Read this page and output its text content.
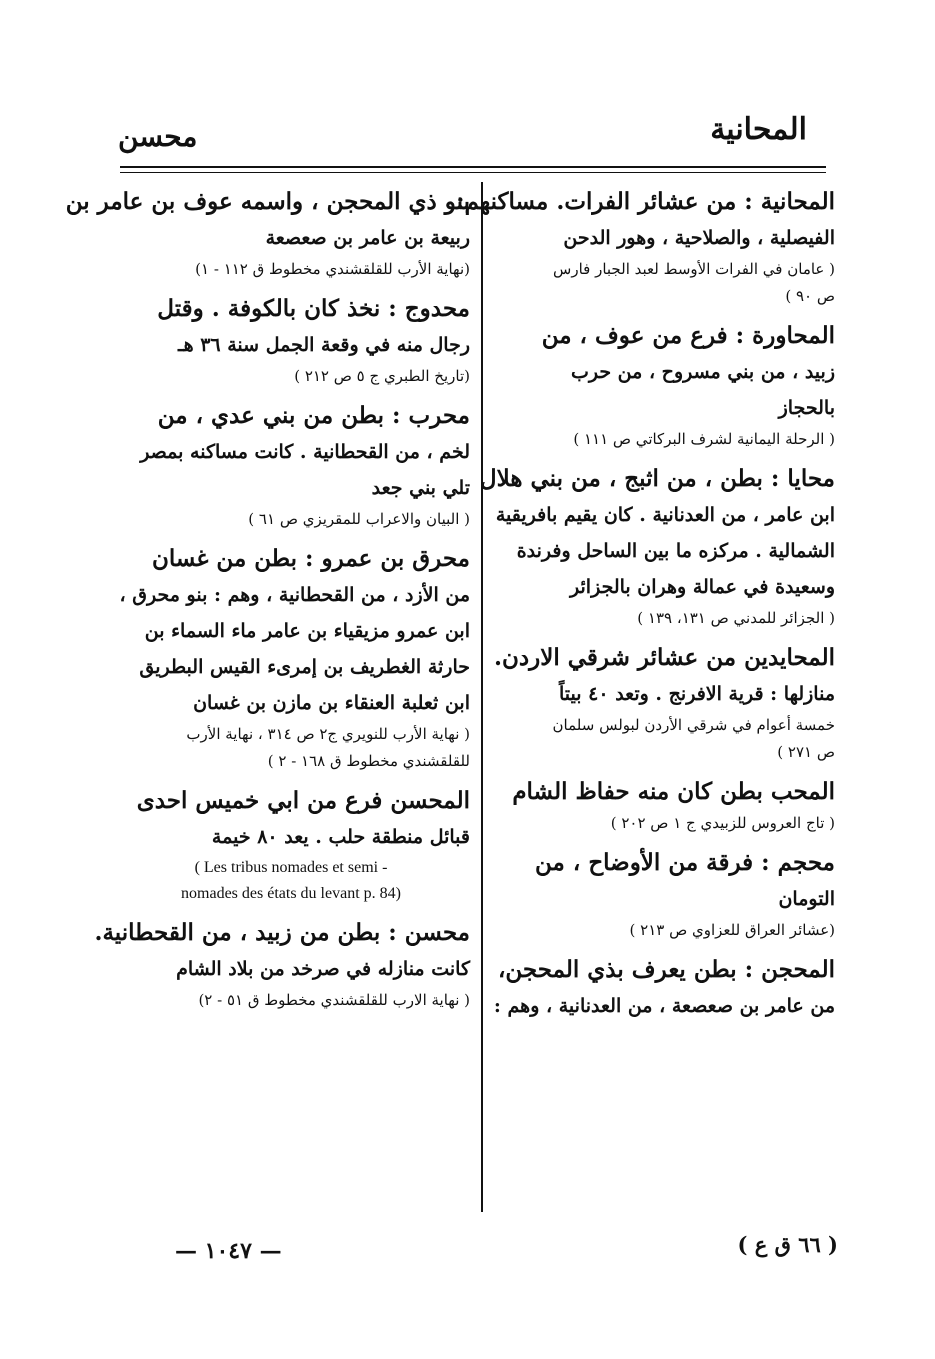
المحانية
محسن
المحانية : من عشائر الفرات. مساكنهم:
الفيصلية ، والصلاحية ، وهور الدحن
( عامان في الفرات الأوسط لعبد الجبار فارس
ص ٩٠ )
المحاورة : فرع من عوف ، من
زبيد ، من بني مسروح ، من حرب
بالحجاز
( الرحلة اليمانية لشرف البركاتي ص ١١١ )
محايا : بطن ، من اثبج ، من بني هلال
ابن عامر ، من العدنانية . كان يقيم بافريقية
الشمالية . مركزه ما بين الساحل وفرندة
وسعيدة في عمالة وهران بالجزائر
( الجزائر للمدني ص ١٣١، ١٣٩ )
المحايدين من عشائر شرقي الاردن.
منازلها : قرية الافرنج . وتعد ٤٠ بيتاً
خمسة أعوام في شرقي الأردن لبولس سلمان
ص ٢٧١ )
المحب بطن كان منه حفاظ الشام
( تاج العروس للزبيدي ج ١ ص ٢٠٢ )
محجم : فرقة من الأوضاح ، من
التومان
(عشائر العراق للعزاوي ص ٢١٣ )
المحجن : بطن يعرف بذي المحجن،
من عامر بن صعصعة ، من العدنانية ، وهم :
بنو ذي المحجن ، واسمه عوف بن عامر بن
ربيعة بن عامر بن صعصعة
(نهاية الأرب للقلقشندي مخطوط ق ١١٢ - ١)
محدوج : نخذ كان بالكوفة . وقتل
رجال منه في وقعة الجمل سنة ٣٦ هـ
(تاريخ الطبري ج ٥ ص ٢١٢ )
محرب : بطن من بني عدي ، من
لخم ، من القحطانية . كانت مساكنه بمصر
تلي بني جعد
( البيان والاعراب للمقريزي ص ٦١ )
محرق بن عمرو : بطن من غسان
من الأزد ، من القحطانية ، وهم : بنو محرق ،
ابن عمرو مزيقياء بن عامر ماء السماء بن
حارثة الغطريف بن إمرىء القيس البطريق
ابن ثعلبة العنقاء بن مازن بن غسان
( نهاية الأرب للنويري ج٢ ص ٣١٤ ، نهاية الأرب
للقلقشندي مخطوط ق ١٦٨ - ٢ )
المحسن فرع من ابي خميس احدى
قبائل منطقة حلب . يعد ٨٠ خيمة
( Les tribus nomades et semi -
nomades des états du levant p. 84)
محسن : بطن من زبيد ، من القحطانية.
كانت منازله في صرخد من بلاد الشام
( نهاية الارب للقلقشندي مخطوط ق ٥١ - ٢)
— ١٠٤٧ —	( ٦٦ ق ع )
